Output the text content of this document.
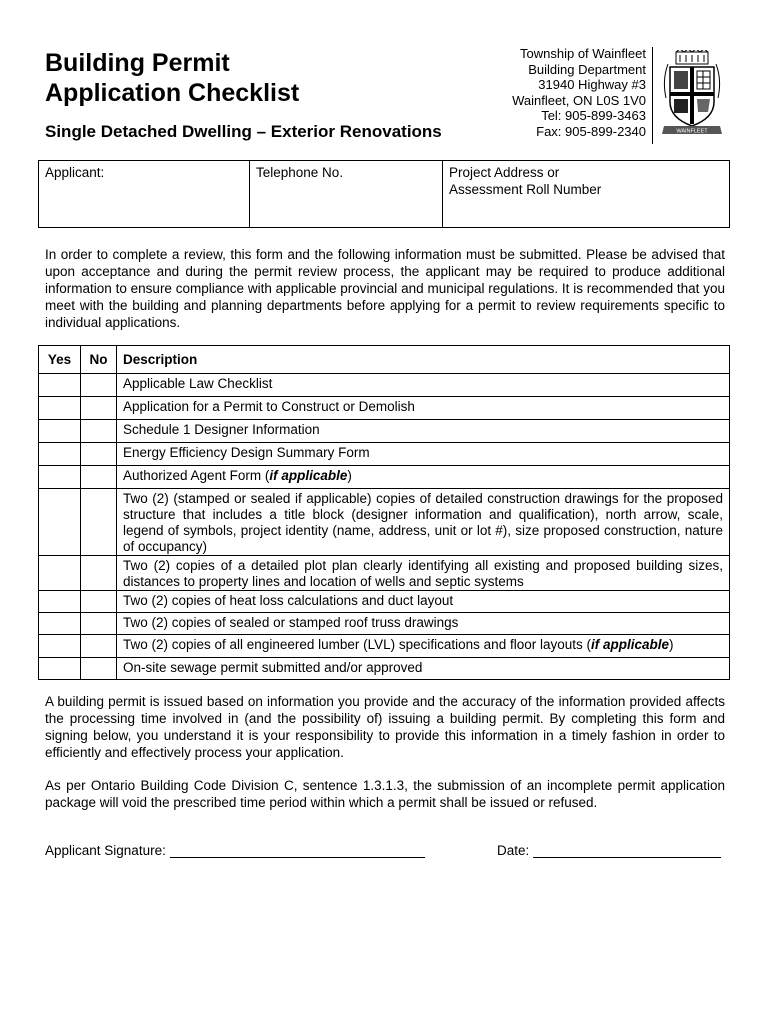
Building Permit
Application Checklist
Single Detached Dwelling – Exterior Renovations
Township of Wainfleet
Building Department
31940 Highway #3
Wainfleet, ON L0S 1V0
Tel: 905-899-3463
Fax: 905-899-2340	WAINFLEET
Applicant:	Telephone No.	Project Address or
Assessment Roll Number

In order to complete a review, this form and the following information must be submitted. Please be advised that upon acceptance and during the permit review process, the applicant may be required to produce additional information to ensure compliance with applicable provincial and municipal regulations. It is recommended that you meet with the building and planning departments before applying for a permit to review requirements specific to individual applications.

Yes	No	Description
		Applicable Law Checklist
		Application for a Permit to Construct or Demolish
		Schedule 1 Designer Information
		Energy Efficiency Design Summary Form
		Authorized Agent Form (if applicable)
		Two (2) (stamped or sealed if applicable) copies of detailed construction drawings for the proposed structure that includes a title block (designer information and qualification), north arrow, scale, legend of symbols, project identity (name, address, unit or lot #), size proposed construction, nature of occupancy)
		Two (2) copies of a detailed plot plan clearly identifying all existing and proposed building sizes, distances to property lines and location of wells and septic systems
		Two (2) copies of heat loss calculations and duct layout
		Two (2) copies of sealed or stamped roof truss drawings
		Two (2) copies of all engineered lumber (LVL) specifications and floor layouts (if applicable)
		On-site sewage permit submitted and/or approved

A building permit is issued based on information you provide and the accuracy of the information provided affects the processing time involved in (and the possibility of) issuing a building permit. By completing this form and signing below, you understand it is your responsibility to provide this information in a timely fashion in order to efficiently and effectively process your application.

As per Ontario Building Code Division C, sentence 1.3.1.3, the submission of an incomplete permit application package will void the prescribed time period within which a permit shall be issued or refused.

Applicant Signature:	Date:
